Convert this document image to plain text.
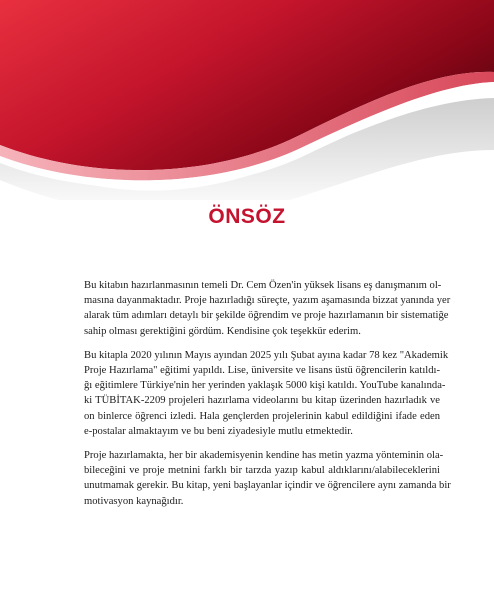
ÖNSÖZ

Bu kitabın hazırlanmasının temeli Dr. Cem Özen'in yüksek lisans eş danışmanım ol-
masına dayanmaktadır. Proje hazırladığı süreçte, yazım aşamasında bizzat yanında yer
alarak tüm adımları detaylı bir şekilde öğrendim ve proje hazırlamanın bir sistematiğe
sahip olması gerektiğini gördüm. Kendisine çok teşekkür ederim.

Bu kitapla 2020 yılının Mayıs ayından 2025 yılı Şubat ayına kadar 78 kez "Akademik
Proje Hazırlama" eğitimi yapıldı. Lise, üniversite ve lisans üstü öğrencilerin katıldı-
ğı eğitimlere Türkiye'nin her yerinden yaklaşık 5000 kişi katıldı. YouTube kanalında-
ki TÜBİTAK-2209 projeleri hazırlama videolarını bu kitap üzerinden hazırladık ve
on binlerce öğrenci izledi. Hala gençlerden projelerinin kabul edildiğini ifade eden
e-postalar almaktayım ve bu beni ziyadesiyle mutlu etmektedir.

Proje hazırlamakta, her bir akademisyenin kendine has metin yazma yönteminin ola-
bileceğini ve proje metnini farklı bir tarzda yazıp kabul aldıklarını/alabileceklerini
unutmamak gerekir. Bu kitap, yeni başlayanlar içindir ve öğrencilere aynı zamanda bir
motivasyon kaynağıdır.
